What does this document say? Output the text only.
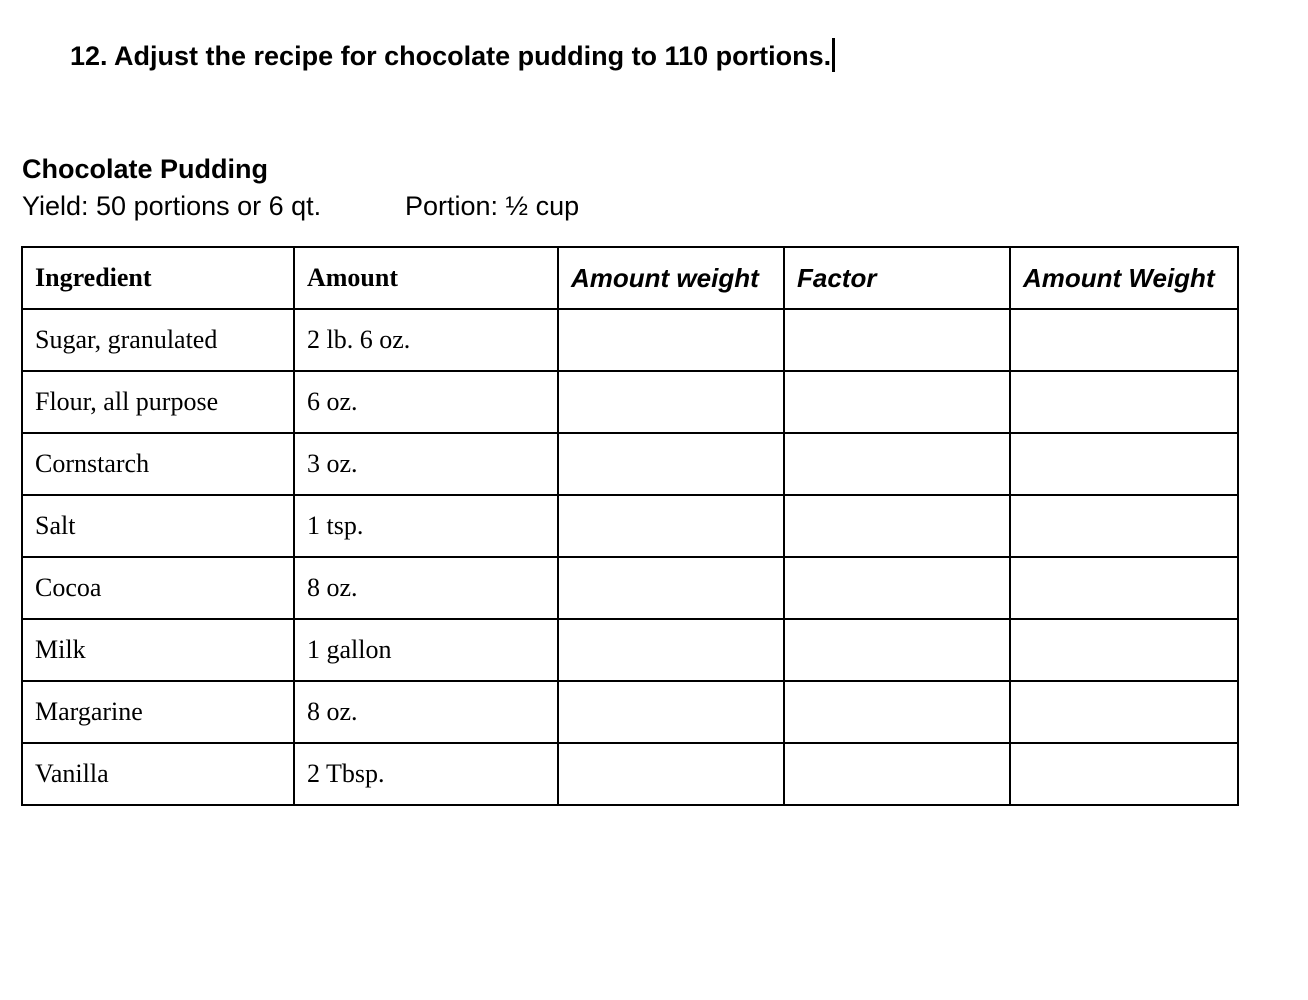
12. Adjust the recipe for chocolate pudding to 110 portions.
Chocolate Pudding
Yield: 50 portions or 6 qt.	Portion: ½ cup
Ingredient	Amount	Amount weight	Factor	Amount Weight
Sugar, granulated	2 lb. 6 oz.			
Flour, all purpose	6 oz.			
Cornstarch	3 oz.			
Salt	1 tsp.			
Cocoa	8 oz.			
Milk	1 gallon			
Margarine	8 oz.			
Vanilla	2 Tbsp.			
